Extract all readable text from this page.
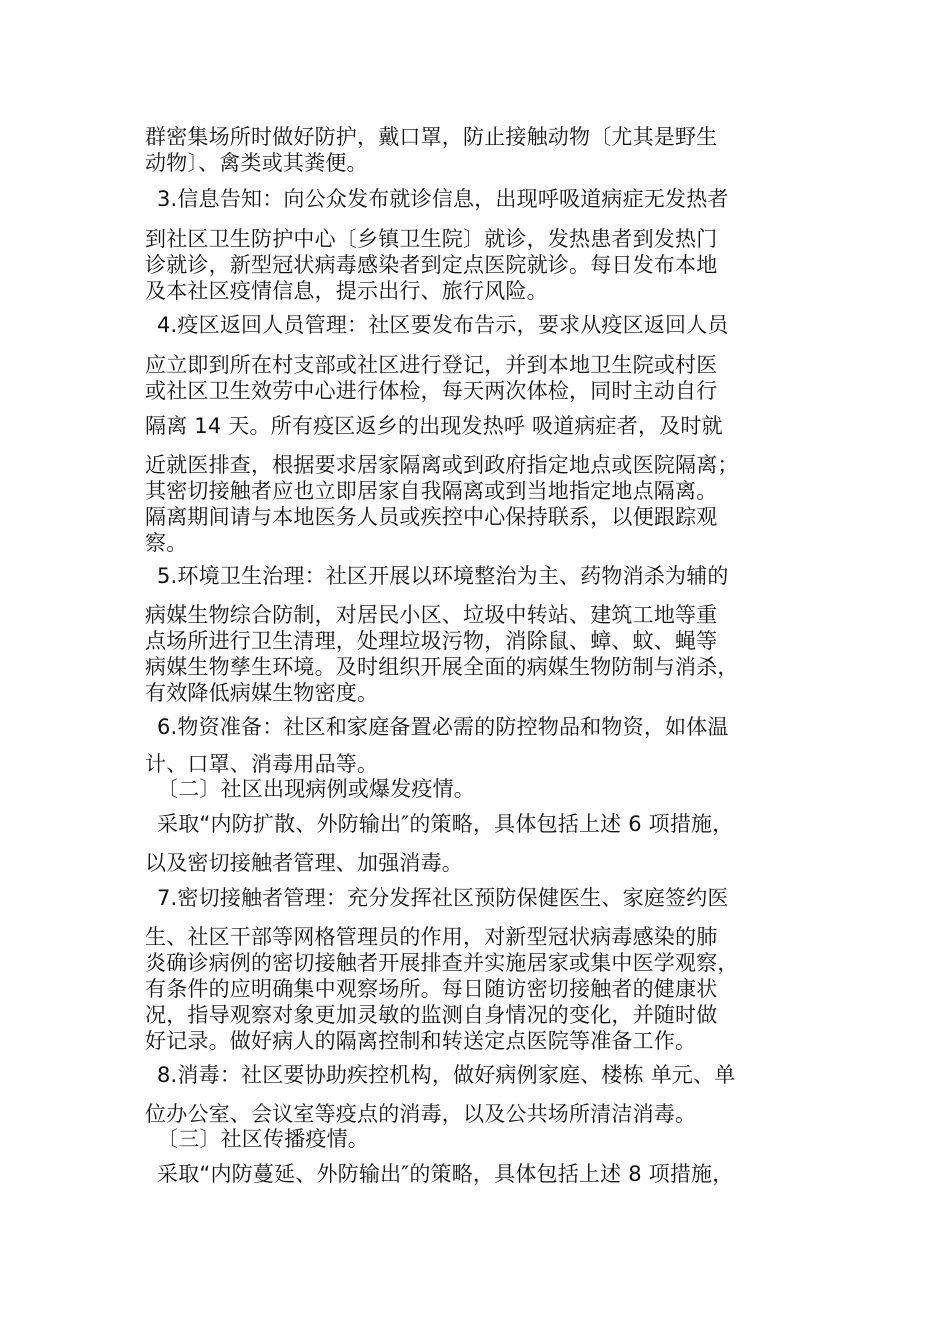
群密集场所时做好防护，戴口罩，防止接触动物〔尤其是野生

动物〕、禽类或其粪便。

3.信息告知：向公众发布就诊信息，出现呼吸道病症无发热者

到社区卫生防护中心〔乡镇卫生院〕就诊，发热患者到发热门

诊就诊，新型冠状病毒感染者到定点医院就诊。每日发布本地

及本社区疫情信息，提示出行、旅行风险。

4.疫区返回人员管理：社区要发布告示，要求从疫区返回人员

应立即到所在村支部或社区进行登记，并到本地卫生院或村医

或社区卫生效劳中心进行体检，每天两次体检，同时主动自行

隔离 14 天。所有疫区返乡的出现发热呼 吸道病症者，及时就

近就医排查，根据要求居家隔离或到政府指定地点或医院隔离；

其密切接触者应也立即居家自我隔离或到当地指定地点隔离。

隔离期间请与本地医务人员或疾控中心保持联系，以便跟踪观

察。

5.环境卫生治理：社区开展以环境整治为主、药物消杀为辅的

病媒生物综合防制，对居民小区、垃圾中转站、建筑工地等重

点场所进行卫生清理，处理垃圾污物，消除鼠、蟑、蚊、蝇等

病媒生物孳生环境。及时组织开展全面的病媒生物防制与消杀，

有效降低病媒生物密度。

6.物资准备：社区和家庭备置必需的防控物品和物资，如体温

计、口罩、消毒用品等。

〔二〕社区出现病例或爆发疫情。

采取“内防扩散、外防输出″的策略，具体包括上述 6 项措施，

以及密切接触者管理、加强消毒。

7.密切接触者管理：充分发挥社区预防保健医生、家庭签约医

生、社区干部等网格管理员的作用，对新型冠状病毒感染的肺

炎确诊病例的密切接触者开展排查并实施居家或集中医学观察，

有条件的应明确集中观察场所。每日随访密切接触者的健康状

况，指导观察对象更加灵敏的监测自身情况的变化，并随时做

好记录。做好病人的隔离控制和转送定点医院等准备工作。

8.消毒：社区要协助疾控机构，做好病例家庭、楼栋 单元、单

位办公室、会议室等疫点的消毒，以及公共场所清洁消毒。

〔三〕社区传播疫情。

采取“内防蔓延、外防输出″的策略，具体包括上述 8 项措施，
